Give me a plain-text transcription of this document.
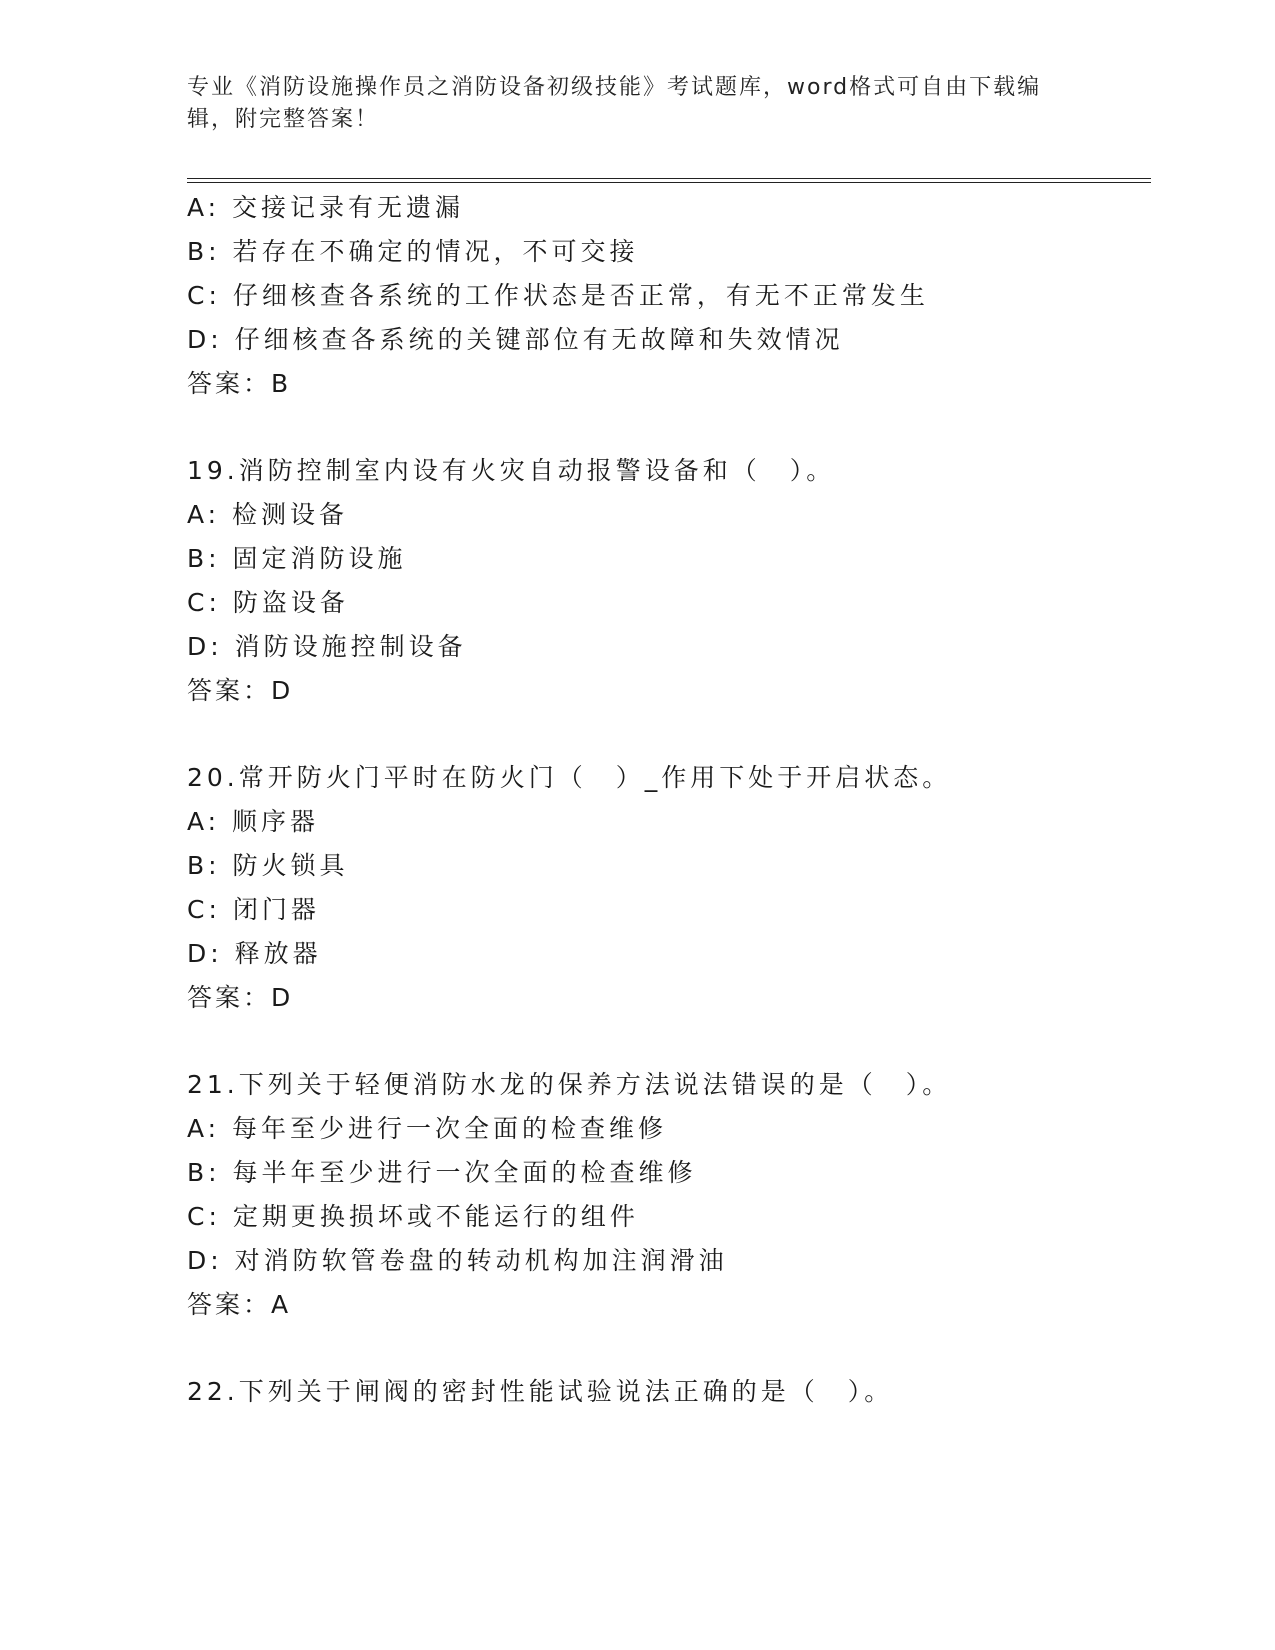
专业《消防设施操作员之消防设备初级技能》考试题库，word格式可自由下载编
辑，附完整答案！
A: 交接记录有无遗漏
B: 若存在不确定的情况，不可交接
C: 仔细核查各系统的工作状态是否正常，有无不正常发生
D: 仔细核查各系统的关键部位有无故障和失效情况
答案：B
19.消防控制室内设有火灾自动报警设备和（　）。
A: 检测设备
B: 固定消防设施
C: 防盗设备
D: 消防设施控制设备
答案：D
20.常开防火门平时在防火门（　）_作用下处于开启状态。
A: 顺序器
B: 防火锁具
C: 闭门器
D: 释放器
答案：D
21.下列关于轻便消防水龙的保养方法说法错误的是（　）。
A: 每年至少进行一次全面的检查维修
B: 每半年至少进行一次全面的检查维修
C: 定期更换损坏或不能运行的组件
D: 对消防软管卷盘的转动机构加注润滑油
答案：A
22.下列关于闸阀的密封性能试验说法正确的是（　）。
